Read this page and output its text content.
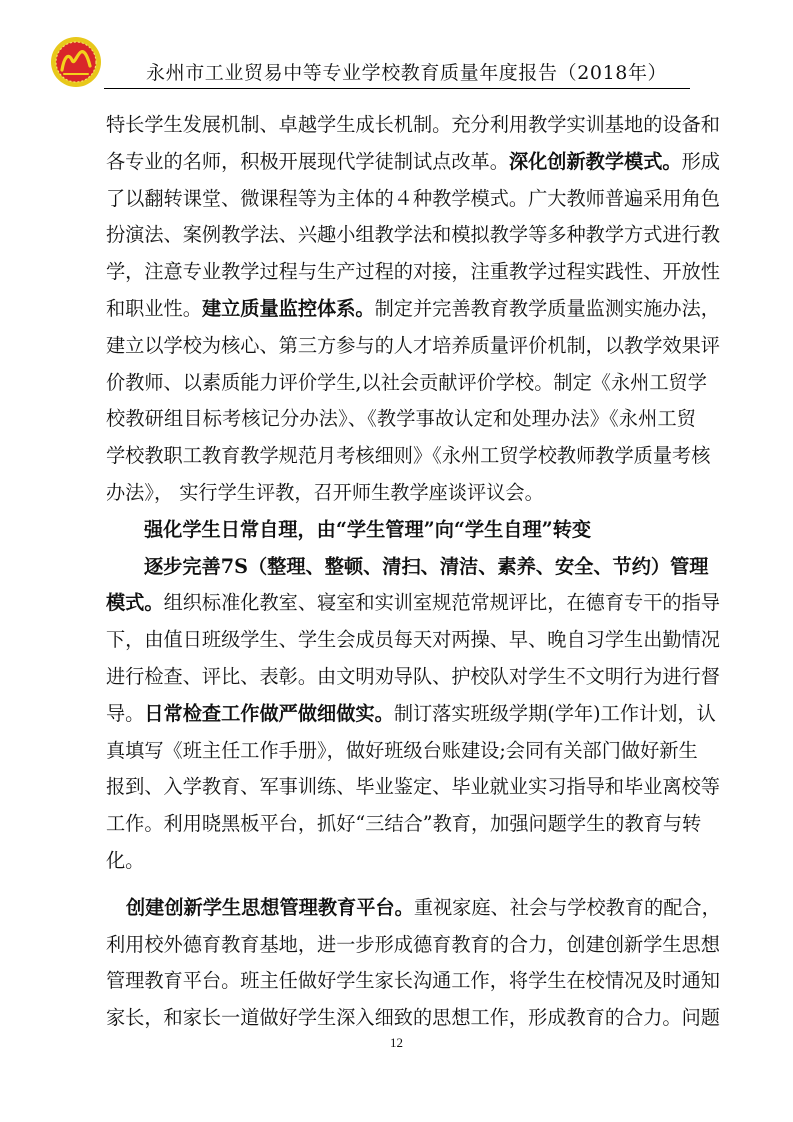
永州市工业贸易中等专业学校教育质量年度报告（2018年）
特长学生发展机制、卓越学生成长机制。充分利用教学实训基地的设备和
各专业的名师，积极开展现代学徒制试点改革。深化创新教学模式。形成
了以翻转课堂、微课程等为主体的４种教学模式。广大教师普遍采用角色
扮演法、案例教学法、兴趣小组教学法和模拟教学等多种教学方式进行教
学，注意专业教学过程与生产过程的对接，注重教学过程实践性、开放性
和职业性。建立质量监控体系。制定并完善教育教学质量监测实施办法，
建立以学校为核心、第三方参与的人才培养质量评价机制，以教学效果评
价教师、以素质能力评价学生,以社会贡献评价学校。制定《永州工贸学
校教研组目标考核记分办法》、《教学事故认定和处理办法》《永州工贸
学校教职工教育教学规范月考核细则》《永州工贸学校教师教学质量考核
办法》， 实行学生评教，召开师生教学座谈评议会。
强化学生日常自理，由“学生管理”向“学生自理”转变
逐步完善7S（整理、整顿、清扫、清洁、素养、安全、节约）管理
模式。组织标准化教室、寝室和实训室规范常规评比，在德育专干的指导
下，由值日班级学生、学生会成员每天对两操、早、晚自习学生出勤情况
进行检查、评比、表彰。由文明劝导队、护校队对学生不文明行为进行督
导。日常检查工作做严做细做实。制订落实班级学期(学年)工作计划，认
真填写《班主任工作手册》，做好班级台账建设;会同有关部门做好新生
报到、入学教育、军事训练、毕业鉴定、毕业就业实习指导和毕业离校等
工作。利用晓黑板平台，抓好“三结合”教育，加强问题学生的教育与转
化。
创建创新学生思想管理教育平台。重视家庭、社会与学校教育的配合，
利用校外德育教育基地，进一步形成德育教育的合力，创建创新学生思想
管理教育平台。班主任做好学生家长沟通工作，将学生在校情况及时通知
家长，和家长一道做好学生深入细致的思想工作，形成教育的合力。问题
12
